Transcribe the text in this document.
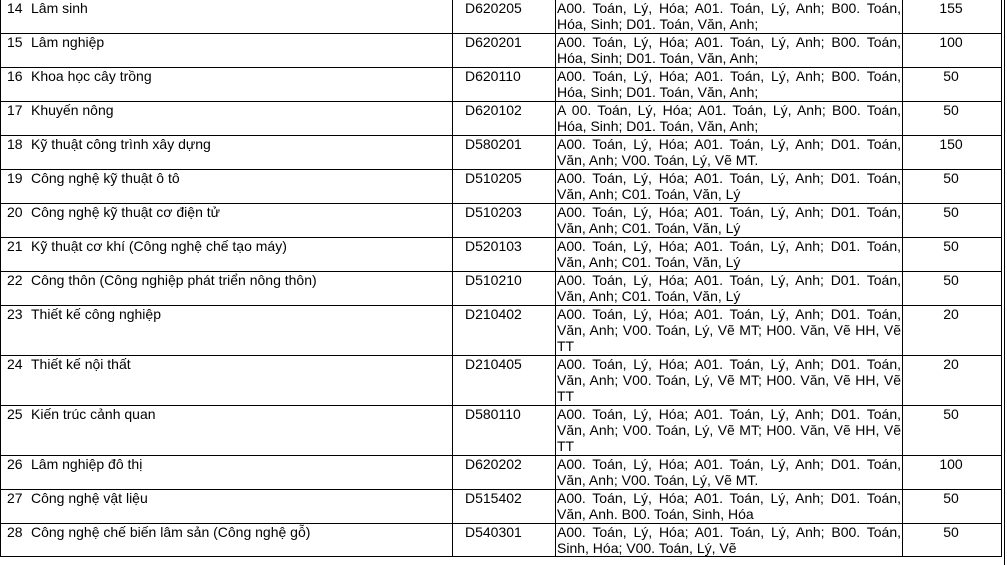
14	Lâm sinh	D620205	A00. Toán, Lý, Hóa; A01. Toán, Lý, Anh; B00. Toán, Hóa, Sinh; D01. Toán, Văn, Anh;	155
15	Lâm nghiệp	D620201	A00. Toán, Lý, Hóa; A01. Toán, Lý, Anh; B00. Toán, Hóa, Sinh; D01. Toán, Văn, Anh;	100
16	Khoa học cây trồng	D620110	A00. Toán, Lý, Hóa; A01. Toán, Lý, Anh; B00. Toán, Hóa, Sinh; D01. Toán, Văn, Anh;	50
17	Khuyến nông	D620102	A 00. Toán, Lý, Hóa; A01. Toán, Lý, Anh; B00. Toán, Hóa, Sinh; D01. Toán, Văn, Anh;	50
18	Kỹ thuật công trình xây dựng	D580201	A00. Toán, Lý, Hóa; A01. Toán, Lý, Anh; D01. Toán, Văn, Anh; V00. Toán, Lý, Vẽ MT.	150
19	Công nghệ kỹ thuật ô tô	D510205	A00. Toán, Lý, Hóa; A01. Toán, Lý, Anh; D01. Toán, Văn, Anh; C01. Toán, Văn, Lý	50
20	Công nghệ kỹ thuật cơ điện tử	D510203	A00. Toán, Lý, Hóa; A01. Toán, Lý, Anh; D01. Toán, Văn, Anh; C01. Toán, Văn, Lý	50
21	Kỹ thuật cơ khí (Công nghệ chế tạo máy)	D520103	A00. Toán, Lý, Hóa; A01. Toán, Lý, Anh; D01. Toán, Văn, Anh; C01. Toán, Văn, Lý	50
22	Công thôn (Công nghiệp phát triển nông thôn)	D510210	A00. Toán, Lý, Hóa; A01. Toán, Lý, Anh; D01. Toán, Văn, Anh; C01. Toán, Văn, Lý	50
23	Thiết kế công nghiệp	D210402	A00. Toán, Lý, Hóa; A01. Toán, Lý, Anh; D01. Toán, Văn, Anh; V00. Toán, Lý, Vẽ MT; H00. Văn, Vẽ HH, Vẽ TT	20
24	Thiết kế nội thất	D210405	A00. Toán, Lý, Hóa; A01. Toán, Lý, Anh; D01. Toán, Văn, Anh; V00. Toán, Lý, Vẽ MT; H00. Văn, Vẽ HH, Vẽ TT	20
25	Kiến trúc cảnh quan	D580110	A00. Toán, Lý, Hóa; A01. Toán, Lý, Anh; D01. Toán, Văn, Anh; V00. Toán, Lý, Vẽ MT; H00. Văn, Vẽ HH, Vẽ TT	50
26	Lâm nghiệp đô thị	D620202	A00. Toán, Lý, Hóa; A01. Toán, Lý, Anh; D01. Toán, Văn, Anh; V00. Toán, Lý, Vẽ MT.	100
27	Công nghệ vật liệu	D515402	A00. Toán, Lý, Hóa; A01. Toán, Lý, Anh; D01. Toán, Văn, Anh. B00. Toán, Sinh, Hóa	50
28	Công nghệ chế biến lâm sản (Công nghệ gỗ)	D540301	A00. Toán, Lý, Hóa; A01. Toán, Lý, Anh; B00. Toán, Sinh, Hóa; V00. Toán, Lý, Vẽ	50
